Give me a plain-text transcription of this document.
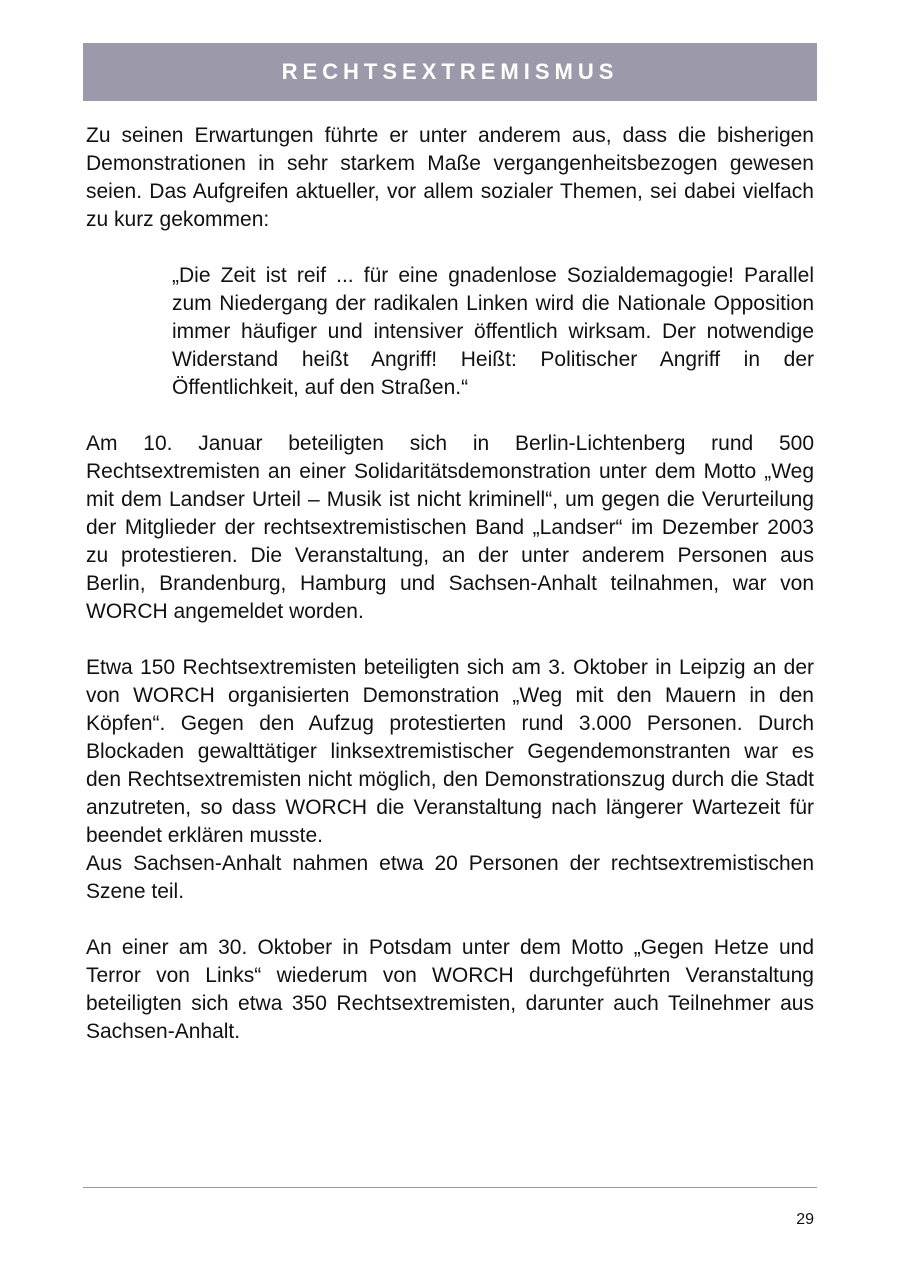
RECHTSEXTREMISMUS

Zu seinen Erwartungen führte er unter anderem aus, dass die bisherigen Demonstrationen in sehr starkem Maße vergangenheitsbezogen gewesen seien. Das Aufgreifen aktueller, vor allem sozialer Themen, sei dabei vielfach zu kurz gekommen:

„Die Zeit ist reif ... für eine gnadenlose Sozialdemagogie! Parallel zum Niedergang der radikalen Linken wird die Nationale Opposition immer häufiger und intensiver öffentlich wirksam. Der notwendige Widerstand heißt Angriff! Heißt: Politischer Angriff in der Öffentlichkeit, auf den Straßen.“

Am 10. Januar beteiligten sich in Berlin-Lichtenberg rund 500 Rechtsextremisten an einer Solidaritätsdemonstration unter dem Motto „Weg mit dem Landser Urteil – Musik ist nicht kriminell“, um gegen die Verurteilung der Mitglieder der rechtsextremistischen Band „Landser“ im Dezember 2003 zu protestieren. Die Veranstaltung, an der unter anderem Personen aus Berlin, Brandenburg, Hamburg und Sachsen-Anhalt teilnahmen, war von WORCH angemeldet worden.

Etwa 150 Rechtsextremisten beteiligten sich am 3. Oktober in Leipzig an der von WORCH organisierten Demonstration „Weg mit den Mauern in den Köpfen“. Gegen den Aufzug protestierten rund 3.000 Personen. Durch Blockaden gewalttätiger linksextremistischer Gegendemonstranten war es den Rechtsextremisten nicht möglich, den Demonstrationszug durch die Stadt anzutreten, so dass WORCH die Veranstaltung nach längerer Wartezeit für beendet erklären musste.

Aus Sachsen-Anhalt nahmen etwa 20 Personen der rechtsextremistischen Szene teil.

An einer am 30. Oktober in Potsdam unter dem Motto „Gegen Hetze und Terror von Links“ wiederum von WORCH durchgeführten Veranstaltung beteiligten sich etwa 350 Rechtsextremisten, darunter auch Teilnehmer aus Sachsen-Anhalt.

29
